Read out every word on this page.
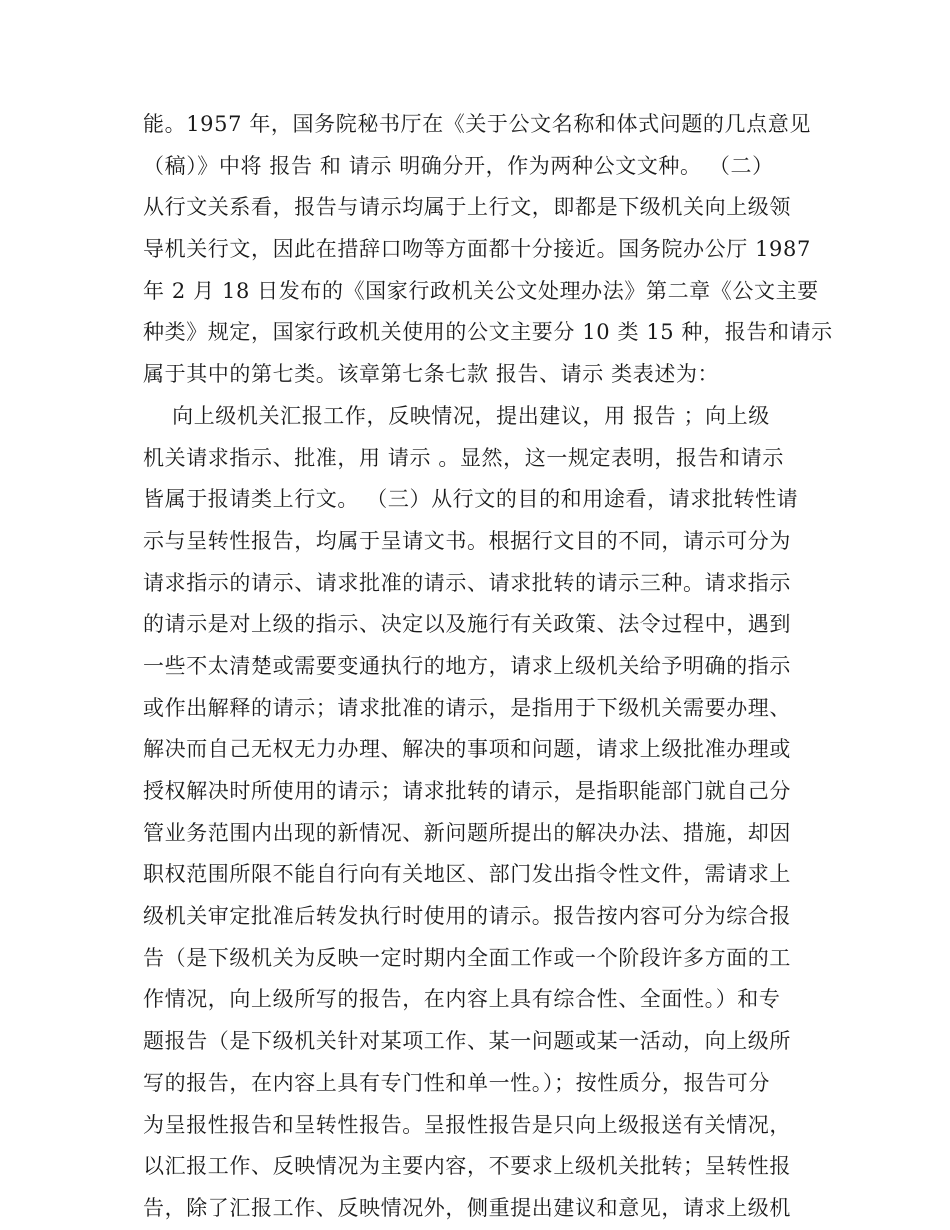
能。1957 年，国务院秘书厅在《关于公文名称和体式问题的几点意见
（稿）》中将 报告 和 请示 明确分开，作为两种公文文种。 （二）
从行文关系看，报告与请示均属于上行文，即都是下级机关向上级领
导机关行文，因此在措辞口吻等方面都十分接近。国务院办公厅 1987
年 2 月 18 日发布的《国家行政机关公文处理办法》第二章《公文主要
种类》规定，国家行政机关使用的公文主要分 10 类 15 种，报告和请示
属于其中的第七类。该章第七条七款 报告、请示 类表述为：
向上级机关汇报工作，反映情况，提出建议，用 报告 ；向上级
机关请求指示、批准，用 请示 。显然，这一规定表明，报告和请示
皆属于报请类上行文。 （三）从行文的目的和用途看，请求批转性请
示与呈转性报告，均属于呈请文书。根据行文目的不同，请示可分为
请求指示的请示、请求批准的请示、请求批转的请示三种。请求指示
的请示是对上级的指示、决定以及施行有关政策、法令过程中，遇到
一些不太清楚或需要变通执行的地方，请求上级机关给予明确的指示
或作出解释的请示；请求批准的请示，是指用于下级机关需要办理、
解决而自己无权无力办理、解决的事项和问题，请求上级批准办理或
授权解决时所使用的请示；请求批转的请示，是指职能部门就自己分
管业务范围内出现的新情况、新问题所提出的解决办法、措施，却因
职权范围所限不能自行向有关地区、部门发出指令性文件，需请求上
级机关审定批准后转发执行时使用的请示。报告按内容可分为综合报
告（是下级机关为反映一定时期内全面工作或一个阶段许多方面的工
作情况，向上级所写的报告，在内容上具有综合性、全面性。）和专
题报告（是下级机关针对某项工作、某一问题或某一活动，向上级所
写的报告，在内容上具有专门性和单一性。）；按性质分，报告可分
为呈报性报告和呈转性报告。呈报性报告是只向上级报送有关情况，
以汇报工作、反映情况为主要内容，不要求上级机关批转；呈转性报
告，除了汇报工作、反映情况外，侧重提出建议和意见，请求上级机
